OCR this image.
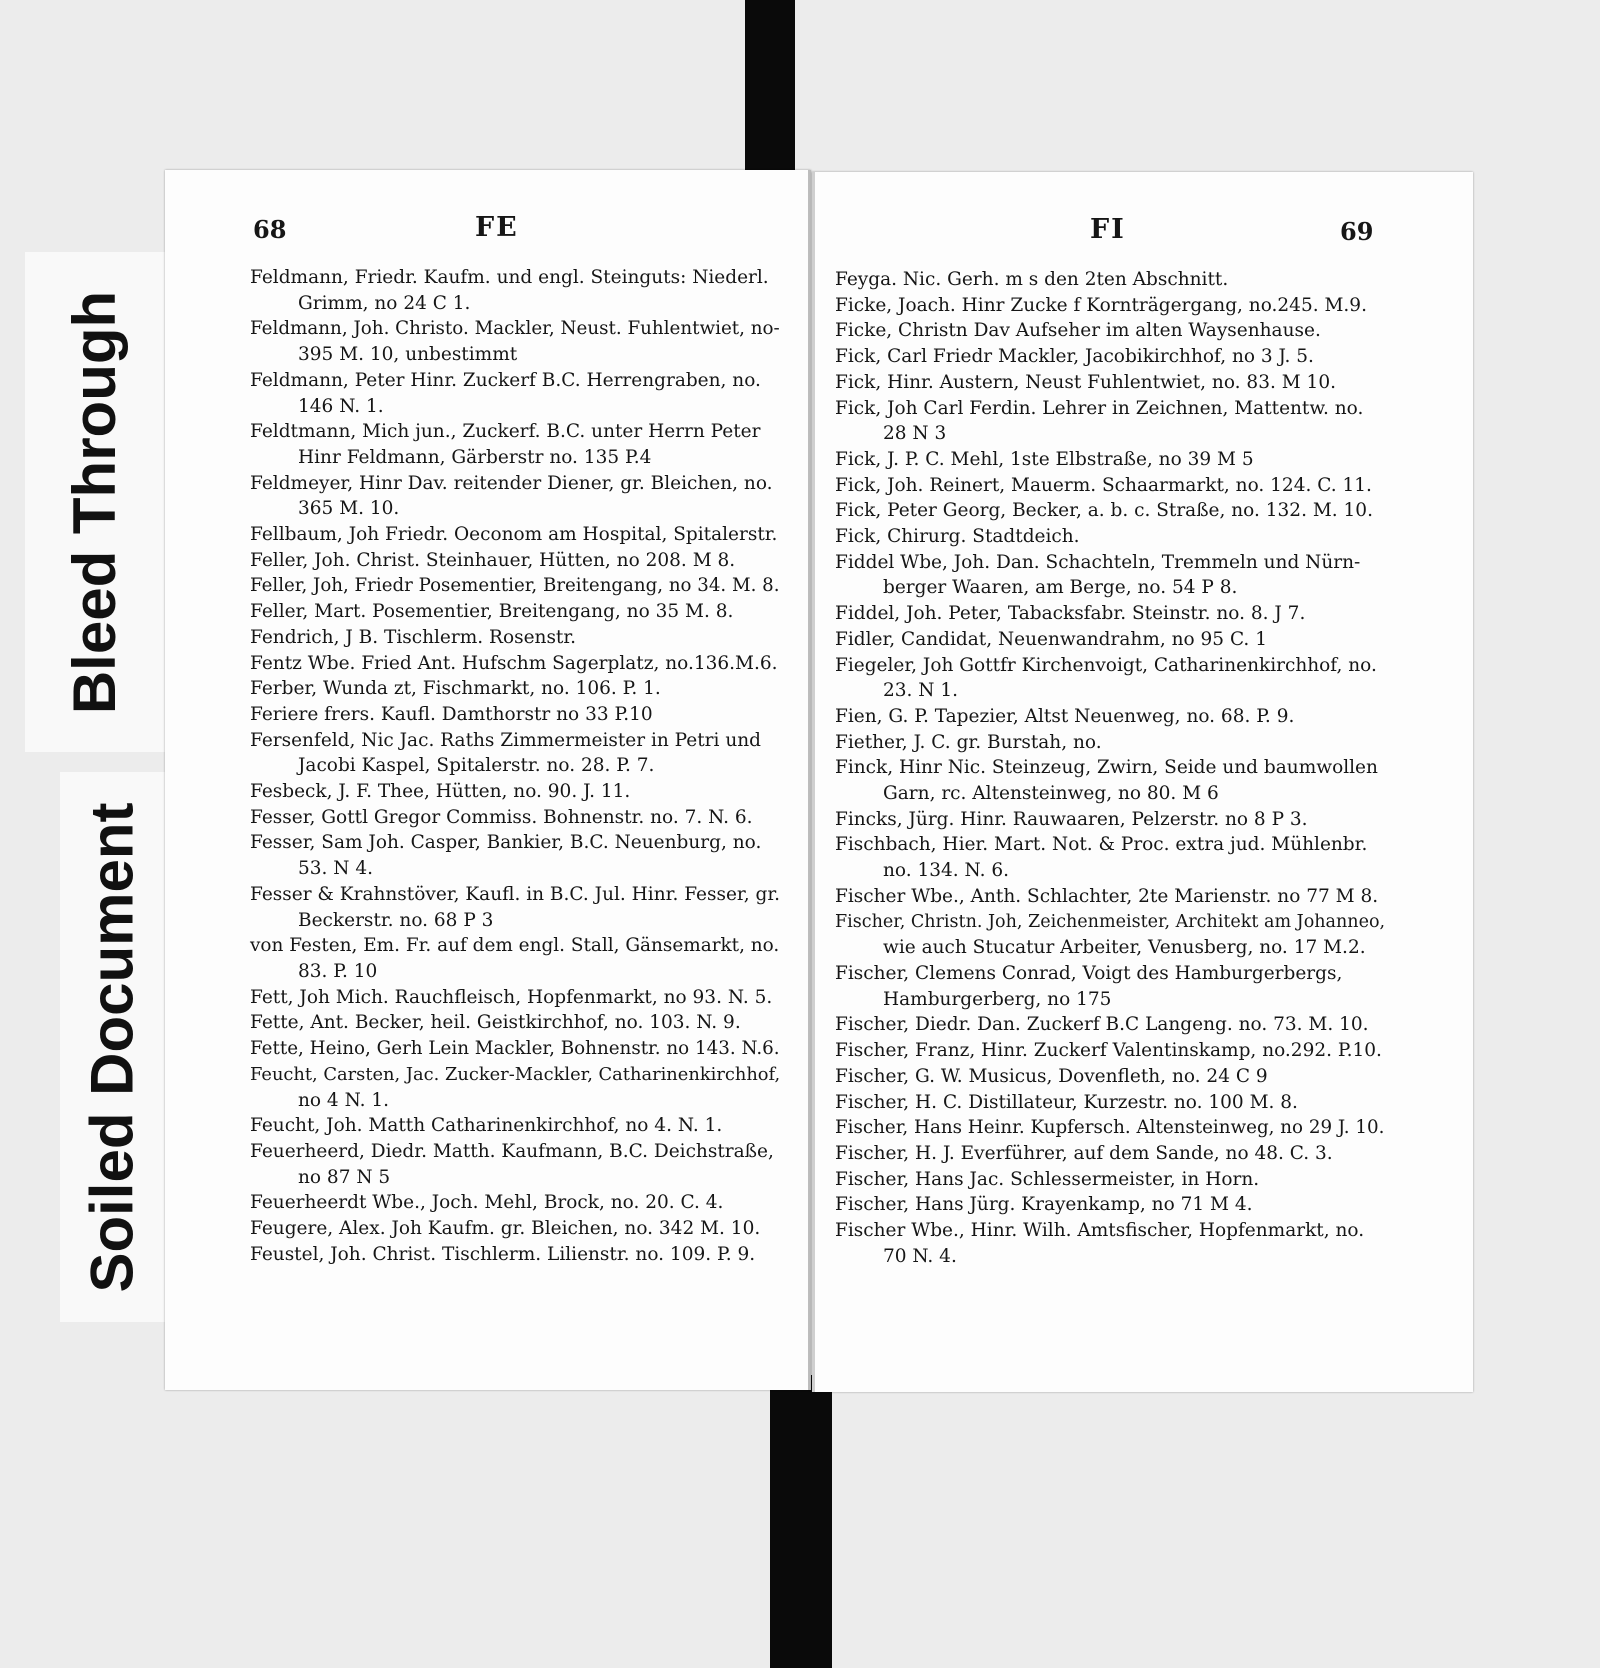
Bleed Through
Soiled Document
68	FE
Feldmann, Friedr. Kaufm. und engl. Steinguts: Niederl.
Grimm, no 24 C 1.
Feldmann, Joh. Christo. Mackler, Neust. Fuhlentwiet, no-
395 M. 10, unbestimmt
Feldmann, Peter Hinr. Zuckerf B.C. Herrengraben, no.
146 N. 1.
Feldtmann, Mich jun., Zuckerf. B.C. unter Herrn Peter
Hinr Feldmann, Gärberstr no. 135 P.4
Feldmeyer, Hinr Dav. reitender Diener, gr. Bleichen, no.
365 M. 10.
Fellbaum, Joh Friedr. Oeconom am Hospital, Spitalerstr.
Feller, Joh. Christ. Steinhauer, Hütten, no 208. M 8.
Feller, Joh, Friedr Posementier, Breitengang, no 34. M. 8.
Feller, Mart. Posementier, Breitengang, no 35 M. 8.
Fendrich, J B. Tischlerm. Rosenstr.
Fentz Wbe. Fried Ant. Hufschm Sagerplatz, no.136.M.6.
Ferber, Wunda zt, Fischmarkt, no. 106. P. 1.
Feriere frers. Kaufl. Damthorstr no 33 P.10
Fersenfeld, Nic Jac. Raths Zimmermeister in Petri und
Jacobi Kaspel, Spitalerstr. no. 28. P. 7.
Fesbeck, J. F. Thee, Hütten, no. 90. J. 11.
Fesser, Gottl Gregor Commiss. Bohnenstr. no. 7. N. 6.
Fesser, Sam Joh. Casper, Bankier, B.C. Neuenburg, no.
53. N 4.
Fesser & Krahnstöver, Kaufl. in B.C. Jul. Hinr. Fesser, gr.
Beckerstr. no. 68 P 3
von Festen, Em. Fr. auf dem engl. Stall, Gänsemarkt, no.
83. P. 10
Fett, Joh Mich. Rauchfleisch, Hopfenmarkt, no 93. N. 5.
Fette, Ant. Becker, heil. Geistkirchhof, no. 103. N. 9.
Fette, Heino, Gerh Lein Mackler, Bohnenstr. no 143. N.6.
Feucht, Carsten, Jac. Zucker-Mackler, Catharinenkirchhof,
no 4 N. 1.
Feucht, Joh. Matth Catharinenkirchhof, no 4. N. 1.
Feuerheerd, Diedr. Matth. Kaufmann, B.C. Deichstraße,
no 87 N 5
Feuerheerdt Wbe., Joch. Mehl, Brock, no. 20. C. 4.
Feugere, Alex. Joh Kaufm. gr. Bleichen, no. 342 M. 10.
Feustel, Joh. Christ. Tischlerm. Lilienstr. no. 109. P. 9.
FI	69
Feyga. Nic. Gerh. m s den 2ten Abschnitt.
Ficke, Joach. Hinr Zucke f Kornträgergang, no.245. M.9.
Ficke, Christn Dav Aufseher im alten Waysenhause.
Fick, Carl Friedr Mackler, Jacobikirchhof, no 3 J. 5.
Fick, Hinr. Austern, Neust Fuhlentwiet, no. 83. M 10.
Fick, Joh Carl Ferdin. Lehrer in Zeichnen, Mattentw. no.
28 N 3
Fick, J. P. C. Mehl, 1ste Elbstraße, no 39 M 5
Fick, Joh. Reinert, Mauerm. Schaarmarkt, no. 124. C. 11.
Fick, Peter Georg, Becker, a. b. c. Straße, no. 132. M. 10.
Fick, Chirurg. Stadtdeich.
Fiddel Wbe, Joh. Dan. Schachteln, Tremmeln und Nürn-
berger Waaren, am Berge, no. 54 P 8.
Fiddel, Joh. Peter, Tabacksfabr. Steinstr. no. 8. J 7.
Fidler, Candidat, Neuenwandrahm, no 95 C. 1
Fiegeler, Joh Gottfr Kirchenvoigt, Catharinenkirchhof, no.
23. N 1.
Fien, G. P. Tapezier, Altst Neuenweg, no. 68. P. 9.
Fiether, J. C. gr. Burstah, no.
Finck, Hinr Nic. Steinzeug, Zwirn, Seide und baumwollen
Garn, rc. Altensteinweg, no 80. M 6
Fincks, Jürg. Hinr. Rauwaaren, Pelzerstr. no 8 P 3.
Fischbach, Hier. Mart. Not. & Proc. extra jud. Mühlenbr.
no. 134. N. 6.
Fischer Wbe., Anth. Schlachter, 2te Marienstr. no 77 M 8.
Fischer, Christn. Joh, Zeichenmeister, Architekt am Johanneo,
wie auch Stucatur Arbeiter, Venusberg, no. 17 M.2.
Fischer, Clemens Conrad, Voigt des Hamburgerbergs,
Hamburgerberg, no 175
Fischer, Diedr. Dan. Zuckerf B.C Langeng. no. 73. M. 10.
Fischer, Franz, Hinr. Zuckerf Valentinskamp, no.292. P.10.
Fischer, G. W. Musicus, Dovenfleth, no. 24 C 9
Fischer, H. C. Distillateur, Kurzestr. no. 100 M. 8.
Fischer, Hans Heinr. Kupfersch. Altensteinweg, no 29 J. 10.
Fischer, H. J. Everführer, auf dem Sande, no 48. C. 3.
Fischer, Hans Jac. Schlessermeister, in Horn.
Fischer, Hans Jürg. Krayenkamp, no 71 M 4.
Fischer Wbe., Hinr. Wilh. Amtsfischer, Hopfenmarkt, no.
70 N. 4.
